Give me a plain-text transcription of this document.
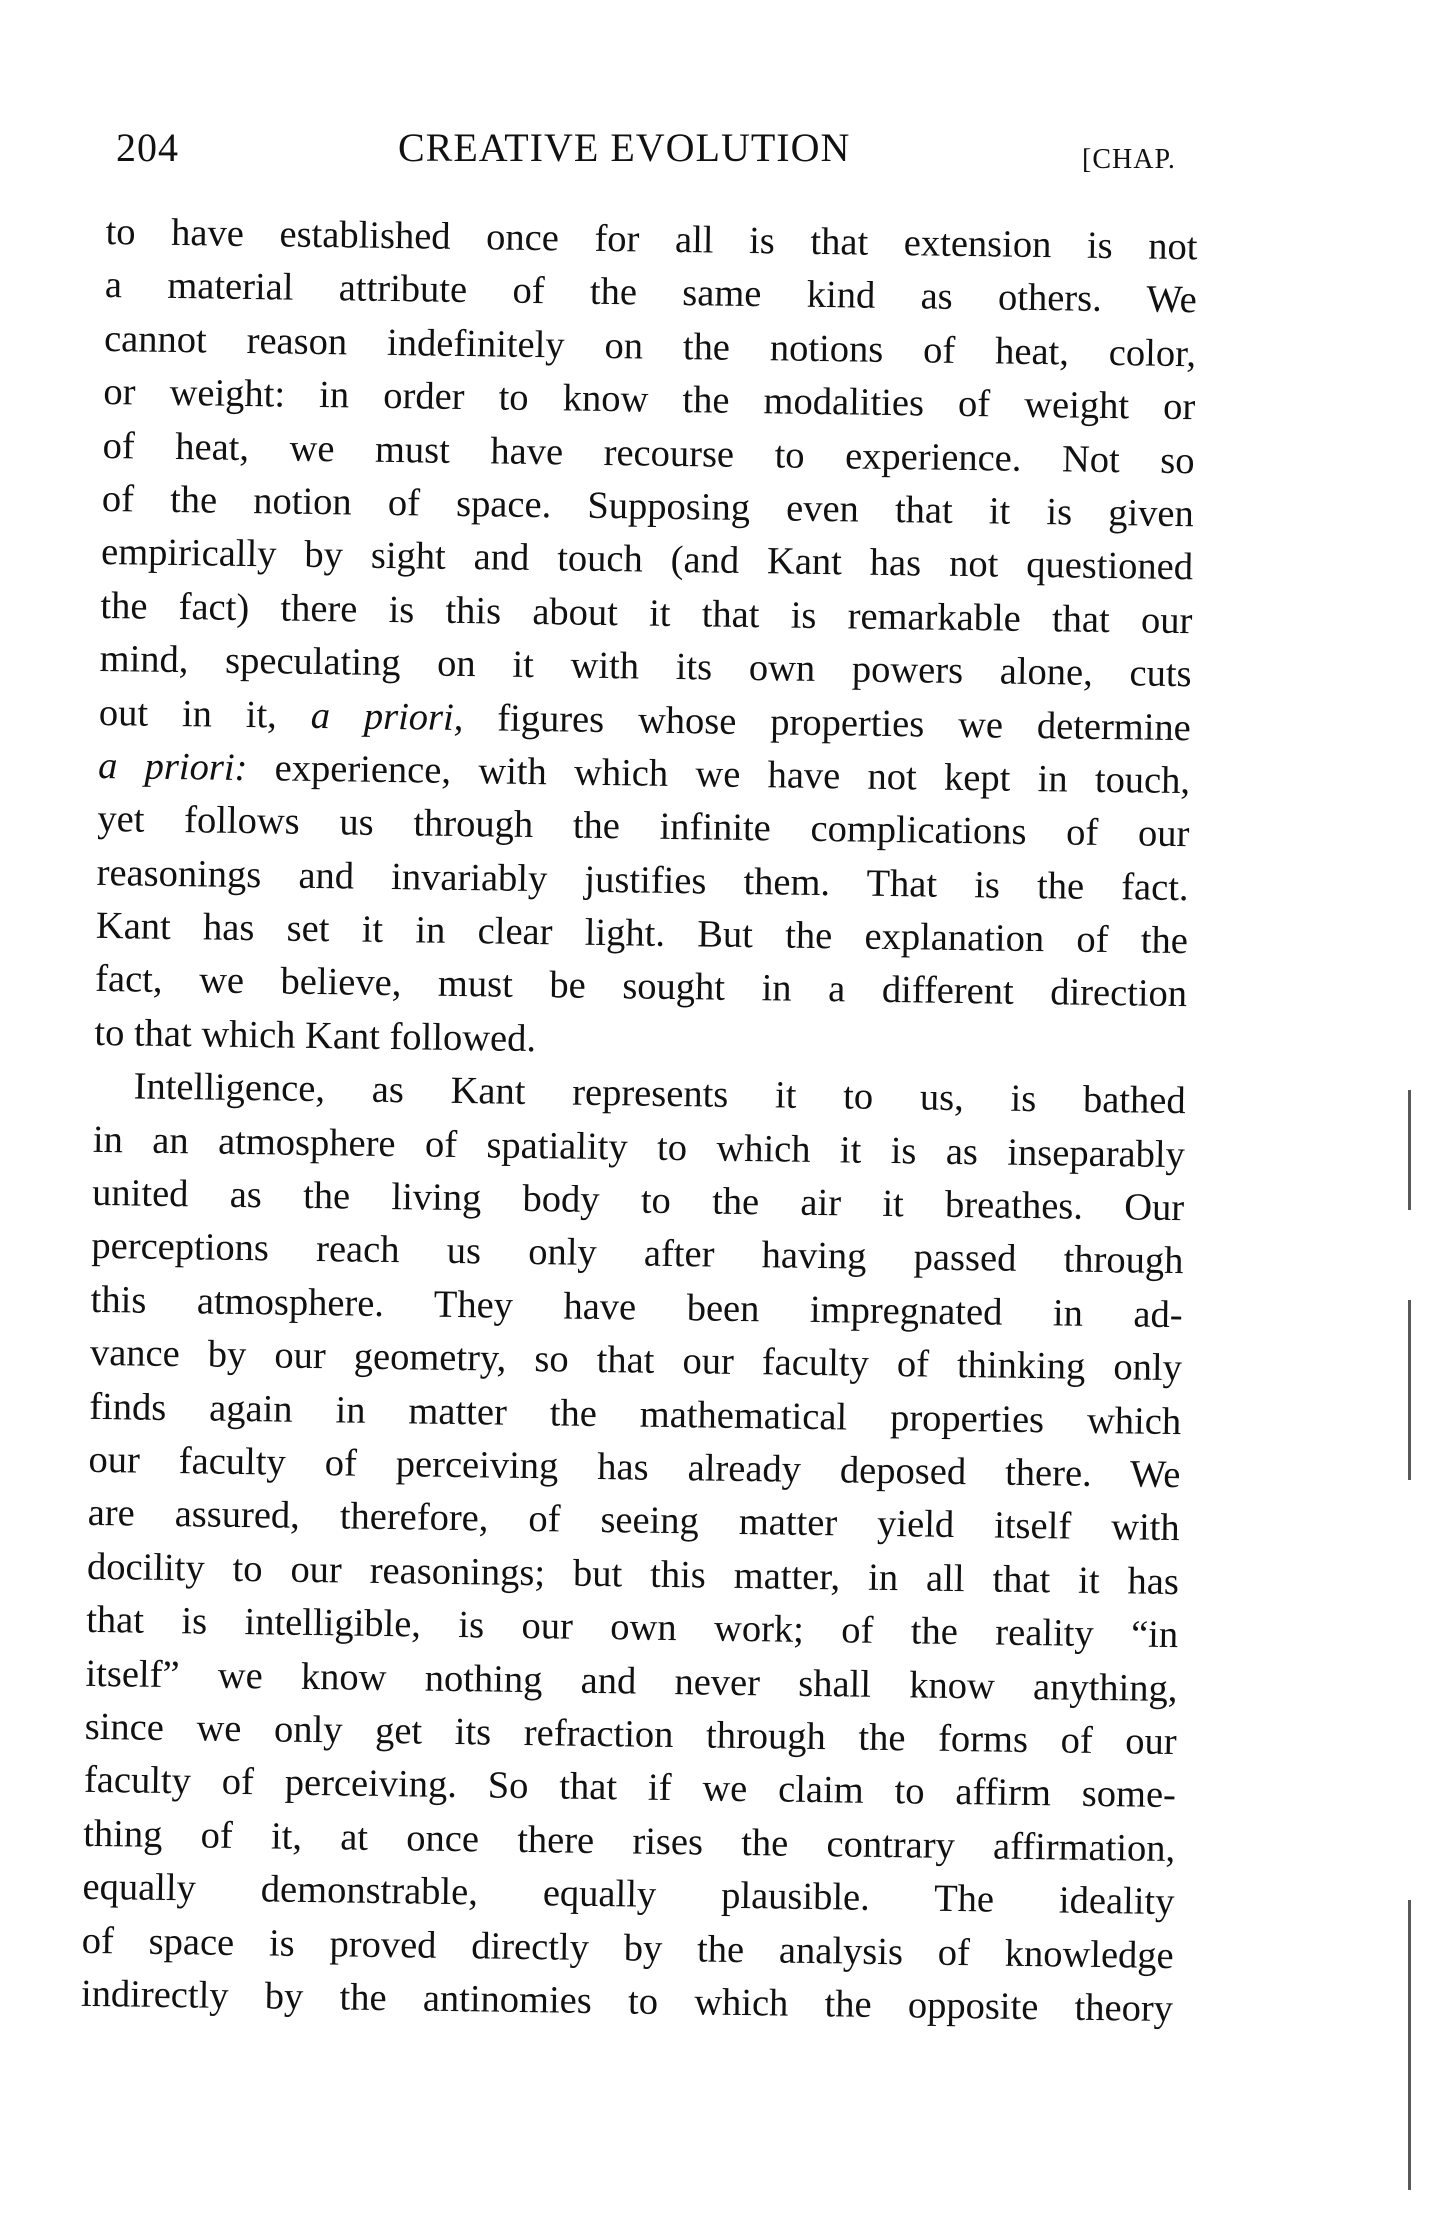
204	CREATIVE EVOLUTION	[CHAP.
to have established once for all is that extension is not
a material attribute of the same kind as others. We
cannot reason indefinitely on the notions of heat, color,
or weight: in order to know the modalities of weight or
of heat, we must have recourse to experience. Not so
of the notion of space. Supposing even that it is given
empirically by sight and touch (and Kant has not questioned
the fact) there is this about it that is remarkable that our
mind, speculating on it with its own powers alone, cuts
out in it, a priori, figures whose properties we determine
a priori: experience, with which we have not kept in touch,
yet follows us through the infinite complications of our
reasonings and invariably justifies them. That is the fact.
Kant has set it in clear light. But the explanation of the
fact, we believe, must be sought in a different direction
to that which Kant followed.
Intelligence, as Kant represents it to us, is bathed
in an atmosphere of spatiality to which it is as inseparably
united as the living body to the air it breathes. Our
perceptions reach us only after having passed through
this atmosphere. They have been impregnated in ad-
vance by our geometry, so that our faculty of thinking only
finds again in matter the mathematical properties which
our faculty of perceiving has already deposed there. We
are assured, therefore, of seeing matter yield itself with
docility to our reasonings; but this matter, in all that it has
that is intelligible, is our own work; of the reality “in
itself” we know nothing and never shall know anything,
since we only get its refraction through the forms of our
faculty of perceiving. So that if we claim to affirm some-
thing of it, at once there rises the contrary affirmation,
equally demonstrable, equally plausible. The ideality
of space is proved directly by the analysis of knowledge
indirectly by the antinomies to which the opposite theory
